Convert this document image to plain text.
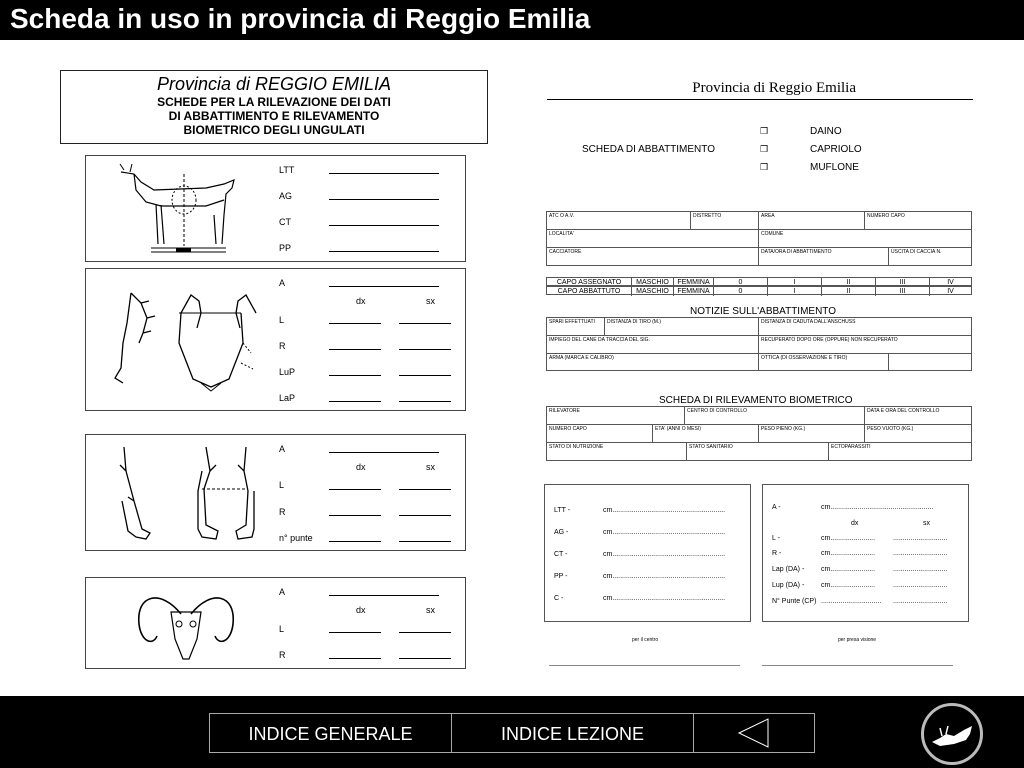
Scheda in uso in provincia di Reggio Emilia
Provincia di REGGIO EMILIA
SCHEDE PER LA RILEVAZIONE DEI DATI
DI ABBATTIMENTO E RILEVAMENTO
BIOMETRICO DEGLI UNGULATI
LTT
AG
CT
PP
A
dx	sx
L
R
LuP
LaP
A
dx	sx
L
R
n° punte
A
dx	sx
L
R
Provincia di Reggio Emilia
SCHEDA DI ABBATTIMENTO
❒	DAINO
❒	CAPRIOLO
❒	MUFLONE
ATC O A.V.	DISTRETTO	AREA	NUMERO CAPO
LOCALITA'	COMUNE
CACCIATORE	DATA/ORA DI ABBATTIMENTO	USCITA DI CACCIA N.
CAPO ASSEGNATO	MASCHIO	FEMMINA	0	I	II	III	IV
CAPO ABBATTUTO	MASCHIO	FEMMINA	0	I	II	III	IV
NOTIZIE SULL'ABBATTIMENTO
SPARI EFFETTUATI	DISTANZA DI TIRO (M.)	DISTANZA DI CADUTA DALL'ANSCHUSS
IMPIEGO DEL CANE DA TRACCIA DEL SIG.	RECUPERATO DOPO ORE (OPPURE) NON RECUPERATO
ARMA (MARCA E CALIBRO)	OTTICA (DI OSSERVAZIONE E TIRO)
SCHEDA DI RILEVAMENTO BIOMETRICO
RILEVATORE	CENTRO DI CONTROLLO	DATA E ORA DEL CONTROLLO
NUMERO CAPO	ETA' (ANNI O MESI)	PESO PIENO (KG.)	PESO VUOTO (KG.)
STATO DI NUTRIZIONE	STATO SANITARIO	ECTOPARASSITI
LTT -	cm..........................................................
AG -	cm..........................................................
CT -	cm..........................................................
PP -	cm..........................................................
C -	cm..........................................................
A -	cm.....................................................
dx	sx
L -	cm.......................	............................
R -	cm.......................	............................
Lap (DA) - cm.......................	............................
Lup (DA) - cm.......................	............................
N° Punte (CP) ............................... ............................
per il centro	per presa visione
INDICE GENERALE	INDICE LEZIONE
